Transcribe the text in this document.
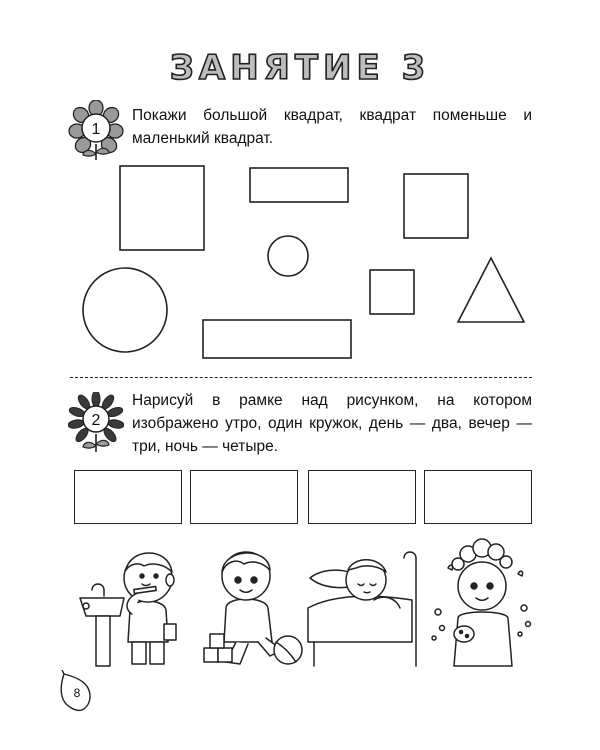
ЗАНЯТИЕ 3
1
Покажи большой квадрат, квадрат поменьше и маленький квадрат.
2
Нарисуй в рамке над рисунком, на котором изображено утро, один кружок, день — два, вечер — три, ночь — четыре.
8
